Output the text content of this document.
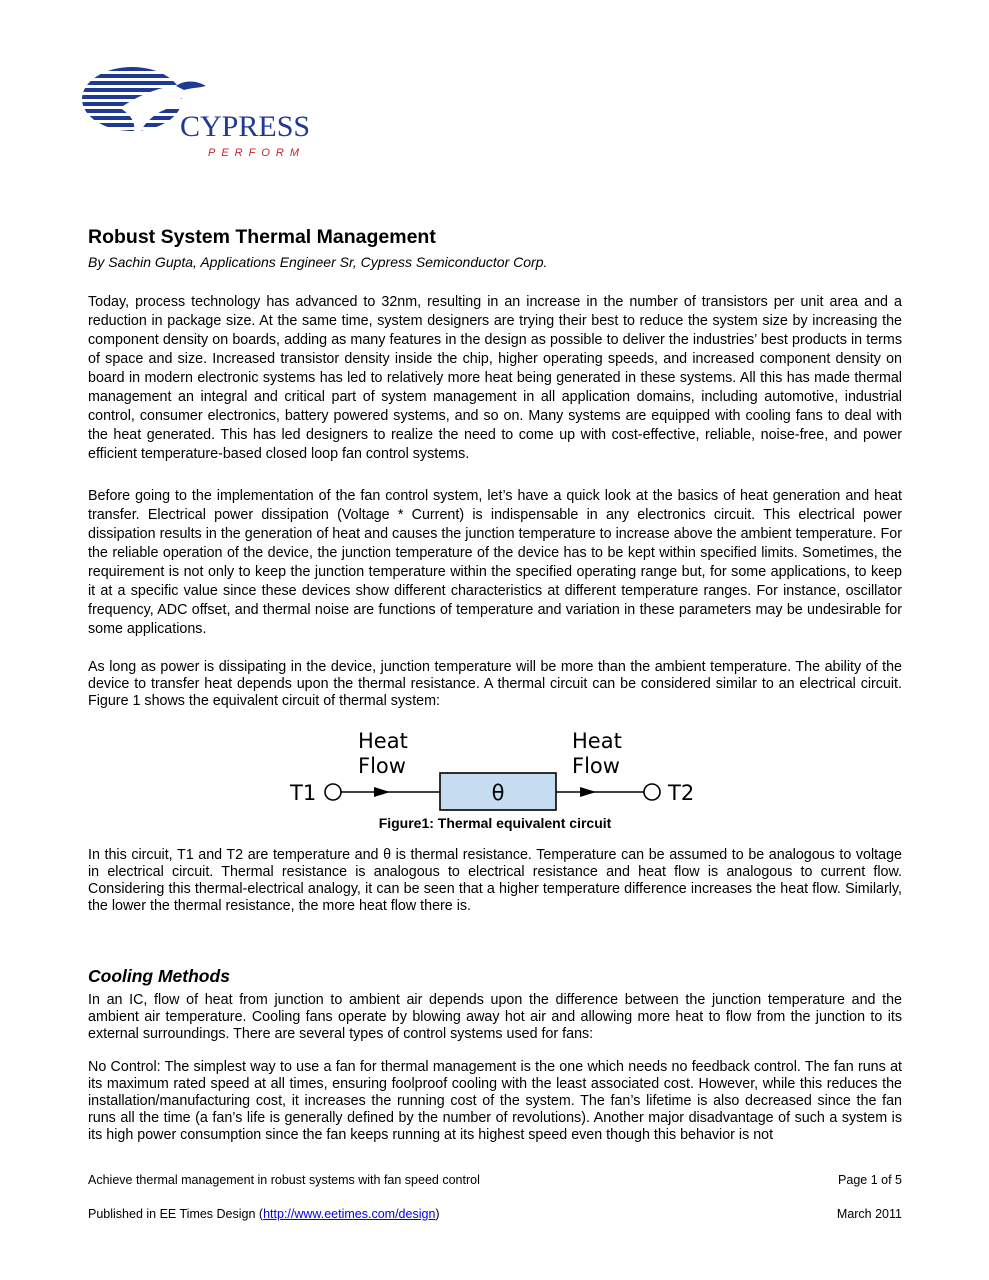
CYPRESS
PERFORM
Robust System Thermal Management

By Sachin Gupta, Applications Engineer Sr, Cypress Semiconductor Corp.

Today, process technology has advanced to 32nm, resulting in an increase in the number of transistors per unit area and a reduction in package size. At the same time, system designers are trying their best to reduce the system size by increasing the component density on boards, adding as many features in the design as possible to deliver the industries’ best products in terms of space and size. Increased transistor density inside the chip, higher operating speeds, and increased component density on board in modern electronic systems has led to relatively more heat being generated in these systems. All this has made thermal management an integral and critical part of system management in all application domains, including automotive, industrial control, consumer electronics, battery powered systems, and so on. Many systems are equipped with cooling fans to deal with the heat generated. This has led designers to realize the need to come up with cost-effective, reliable, noise-free, and power efficient temperature-based closed loop fan control systems.

Before going to the implementation of the fan control system, let’s have a quick look at the basics of heat generation and heat transfer. Electrical power dissipation (Voltage * Current) is indispensable in any electronics circuit. This electrical power dissipation results in the generation of heat and causes the junction temperature to increase above the ambient temperature. For the reliable operation of the device, the junction temperature of the device has to be kept within specified limits. Sometimes, the requirement is not only to keep the junction temperature within the specified operating range but, for some applications, to keep it at a specific value since these devices show different characteristics at different temperature ranges. For instance, oscillator frequency, ADC offset, and thermal noise are functions of temperature and variation in these parameters may be undesirable for some applications.

As long as power is dissipating in the device, junction temperature will be more than the ambient temperature. The ability of the device to transfer heat depends upon the thermal resistance. A thermal circuit can be considered similar to an electrical circuit. Figure 1 shows the equivalent circuit of thermal system:

Heat
Flow
Heat
Flow
T1	θ	T2
Figure1: Thermal equivalent circuit

In this circuit, T1 and T2 are temperature and θ is thermal resistance. Temperature can be assumed to be analogous to voltage in electrical circuit. Thermal resistance is analogous to electrical resistance and heat flow is analogous to current flow. Considering this thermal-electrical analogy, it can be seen that a higher temperature difference increases the heat flow. Similarly, the lower the thermal resistance, the more heat flow there is.

Cooling Methods

In an IC, flow of heat from junction to ambient air depends upon the difference between the junction temperature and the ambient air temperature. Cooling fans operate by blowing away hot air and allowing more heat to flow from the junction to its external surroundings. There are several types of control systems used for fans:

No Control: The simplest way to use a fan for thermal management is the one which needs no feedback control. The fan runs at its maximum rated speed at all times, ensuring foolproof cooling with the least associated cost. However, while this reduces the installation/manufacturing cost, it increases the running cost of the system. The fan’s lifetime is also decreased since the fan runs all the time (a fan’s life is generally defined by the number of revolutions). Another major disadvantage of such a system is its high power consumption since the fan keeps running at its highest speed even though this behavior is not

Achieve thermal management in robust systems with fan speed control	Page 1 of 5
Published in EE Times Design (http://www.eetimes.com/design)	March 2011
